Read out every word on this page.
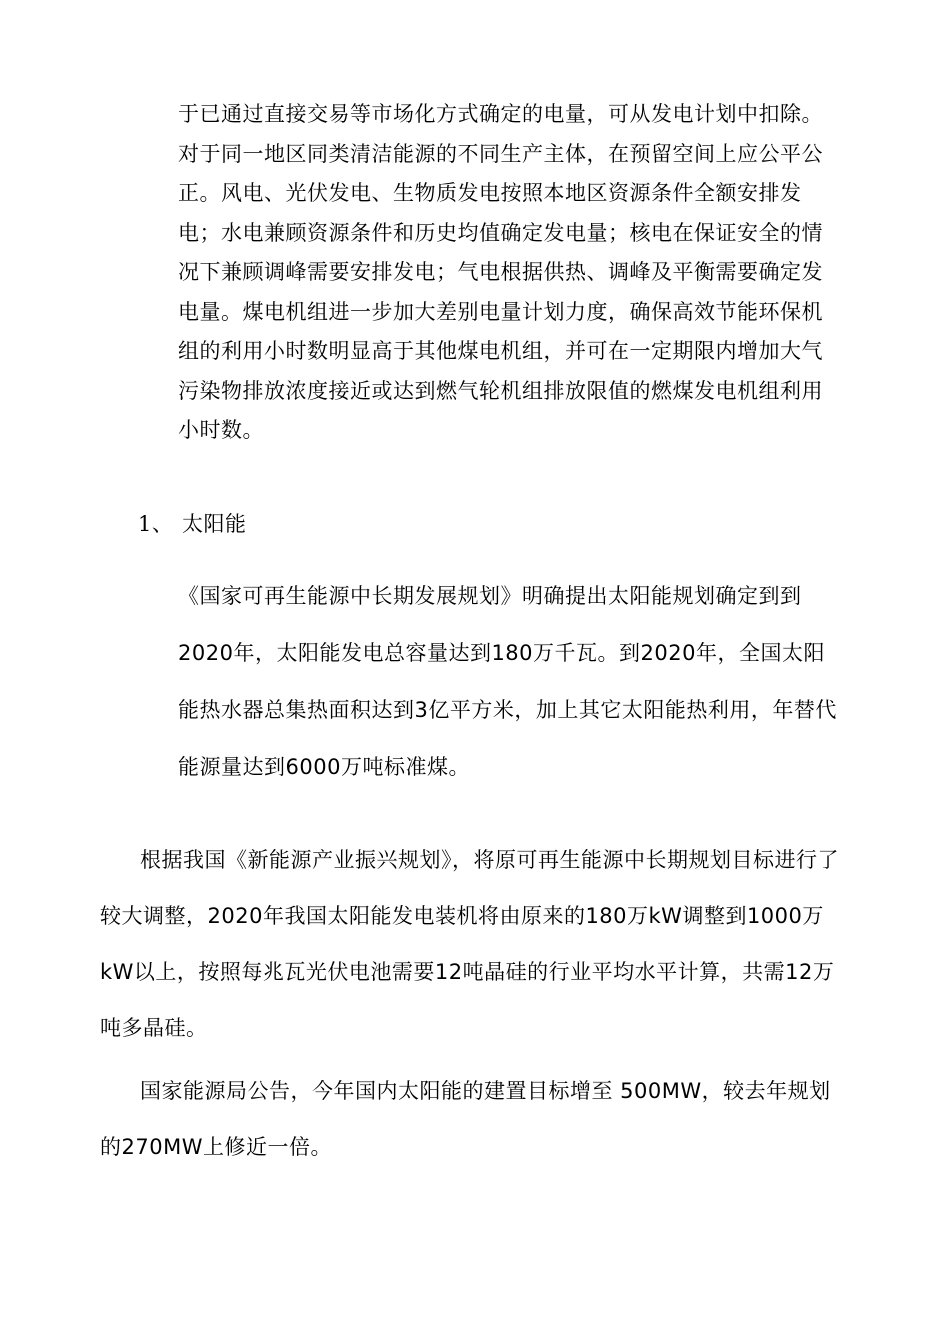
于已通过直接交易等市场化方式确定的电量，可从发电计划中扣除。对于同一地区同类清洁能源的不同生产主体，在预留空间上应公平公正。风电、光伏发电、生物质发电按照本地区资源条件全额安排发电；水电兼顾资源条件和历史均值确定发电量；核电在保证安全的情况下兼顾调峰需要安排发电；气电根据供热、调峰及平衡需要确定发电量。煤电机组进一步加大差别电量计划力度，确保高效节能环保机组的利用小时数明显高于其他煤电机组，并可在一定期限内增加大气污染物排放浓度接近或达到燃气轮机组排放限值的燃煤发电机组利用小时数。

1、 太阳能

《国家可再生能源中长期发展规划》明确提出太阳能规划确定到到2020年，太阳能发电总容量达到180万千瓦。到2020年，全国太阳能热水器总集热面积达到3亿平方米，加上其它太阳能热利用，年替代能源量达到6000万吨标准煤。

根据我国《新能源产业振兴规划》，将原可再生能源中长期规划目标进行了较大调整，2020年我国太阳能发电装机将由原来的180万kW调整到1000万kW以上，按照每兆瓦光伏电池需要12吨晶硅的行业平均水平计算，共需12万吨多晶硅。

国家能源局公告，今年国内太阳能的建置目标增至 500MW，较去年规划的270MW上修近一倍。
